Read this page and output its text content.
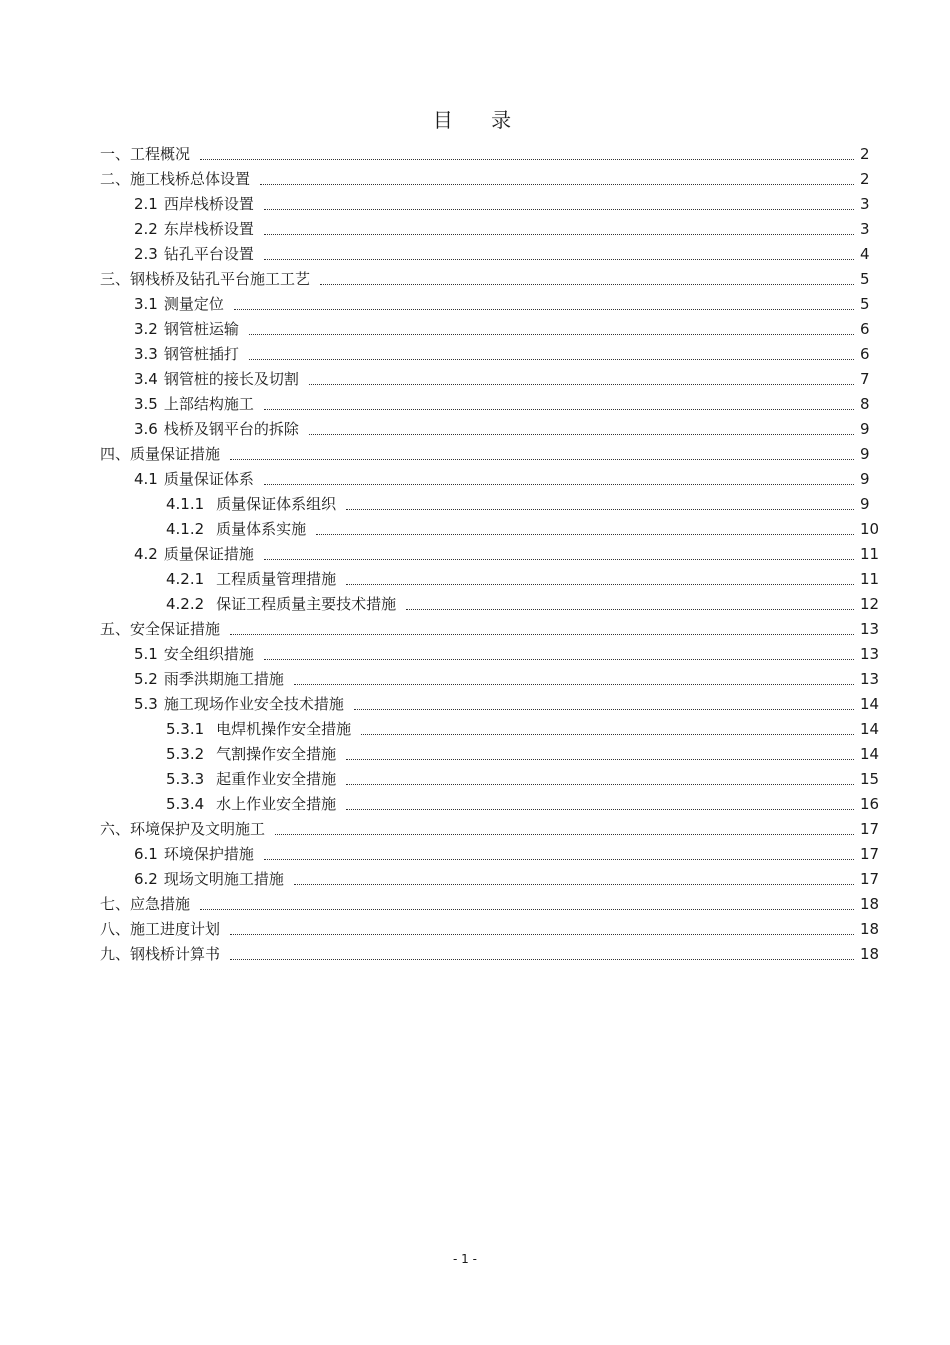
目 录
一、 工程概况	2
二、 施工栈桥总体设置	2
2.1 西岸栈桥设置	3
2.2 东岸栈桥设置	3
2.3 钻孔平台设置	4
三、 钢栈桥及钻孔平台施工工艺	5
3.1 测量定位	5
3.2 钢管桩运输	6
3.3 钢管桩插打	6
3.4 钢管桩的接长及切割	7
3.5 上部结构施工	8
3.6 栈桥及钢平台的拆除	9
四、 质量保证措施	9
4.1 质量保证体系	9
4.1.1 质量保证体系组织	9
4.1.2 质量体系实施	10
4.2 质量保证措施	11
4.2.1 工程质量管理措施	11
4.2.2 保证工程质量主要技术措施	12
五、 安全保证措施	13
5.1 安全组织措施	13
5.2 雨季洪期施工措施	13
5.3 施工现场作业安全技术措施	14
5.3.1 电焊机操作安全措施	14
5.3.2 气割操作安全措施	14
5.3.3 起重作业安全措施	15
5.3.4 水上作业安全措施	16
六、 环境保护及文明施工	17
6.1 环境保护措施	17
6.2 现场文明施工措施	17
七、 应急措施	18
八、 施工进度计划	18
九、 钢栈桥计算书	18
- 1 -
